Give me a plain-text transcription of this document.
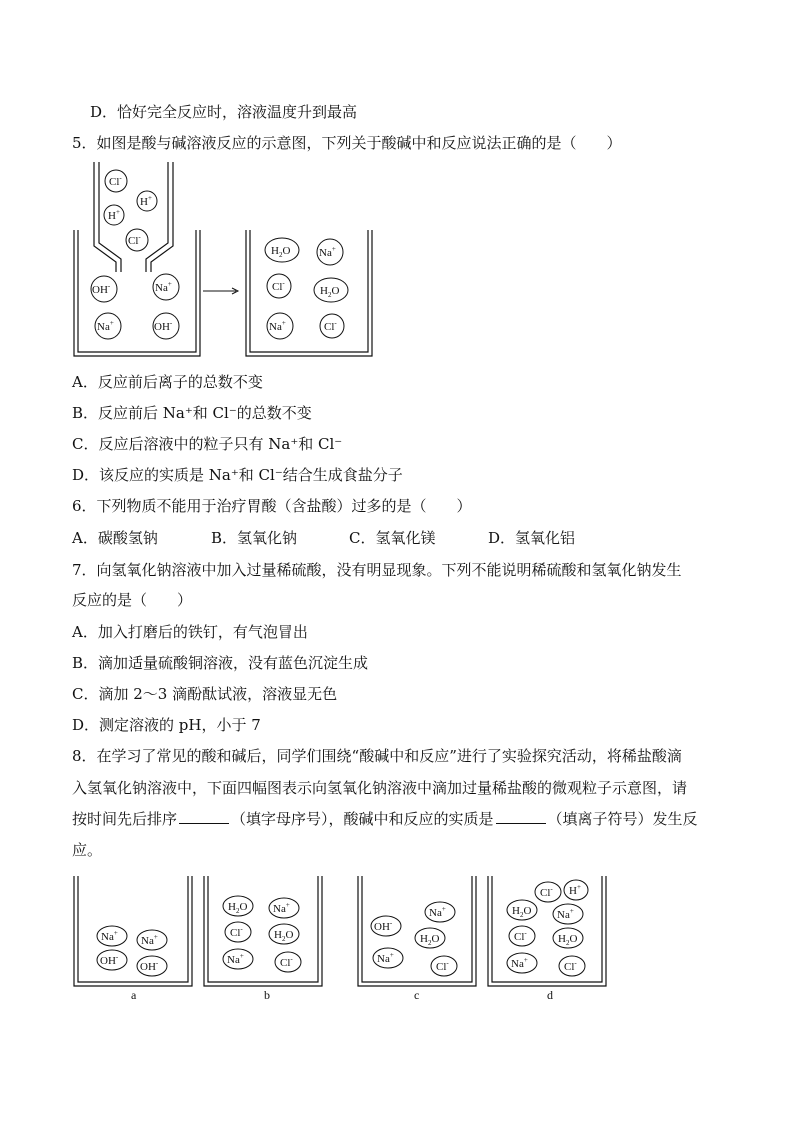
D．恰好完全反应时，溶液温度升到最高
5．如图是酸与碱溶液反应的示意图，下列关于酸碱中和反应说法正确的是（　　）
Cl-
H+
H+
Cl-
OH-	Na+
Na+	OH-
$H_2O$	Na+
Cl-
$H_2O$
Na+	Cl-
A．反应前后离子的总数不变
B．反应前后 Na⁺和 Cl⁻的总数不变
C．反应后溶液中的粒子只有 Na⁺和 Cl⁻
D．该反应的实质是 Na⁺和 Cl⁻结合生成食盐分子
6．下列物质不能用于治疗胃酸（含盐酸）过多的是（　　）
A．碳酸氢钠	B．氢氧化钠	C．氢氧化镁	D．氢氧化铝
7．向氢氧化钠溶液中加入过量稀硫酸，没有明显现象。下列不能说明稀硫酸和氢氧化钠发生
反应的是（　　）
A．加入打磨后的铁钉，有气泡冒出
B．滴加适量硫酸铜溶液，没有蓝色沉淀生成
C．滴加 2～3 滴酚酞试液，溶液显无色
D．测定溶液的 pH，小于 7
8．在学习了常见的酸和碱后，同学们围绕“酸碱中和反应”进行了实验探究活动，将稀盐酸滴
入氢氧化钠溶液中，下面四幅图表示向氢氧化钠溶液中滴加过量稀盐酸的微观粒子示意图，请
按时间先后排序	（填字母序号），酸碱中和反应的实质是	（填离子符号）发生反
应。
Na+
Na+
OH-
OH-
$H_2O$ Na+
Cl-	$H_2O$
Na+
Cl-
Na+
OH-
$H_2O$
Na+
Cl-
Cl- H+
$H_2O$ Na+
Cl-	$H_2O$
Na+
Cl-
a	b	c	d
